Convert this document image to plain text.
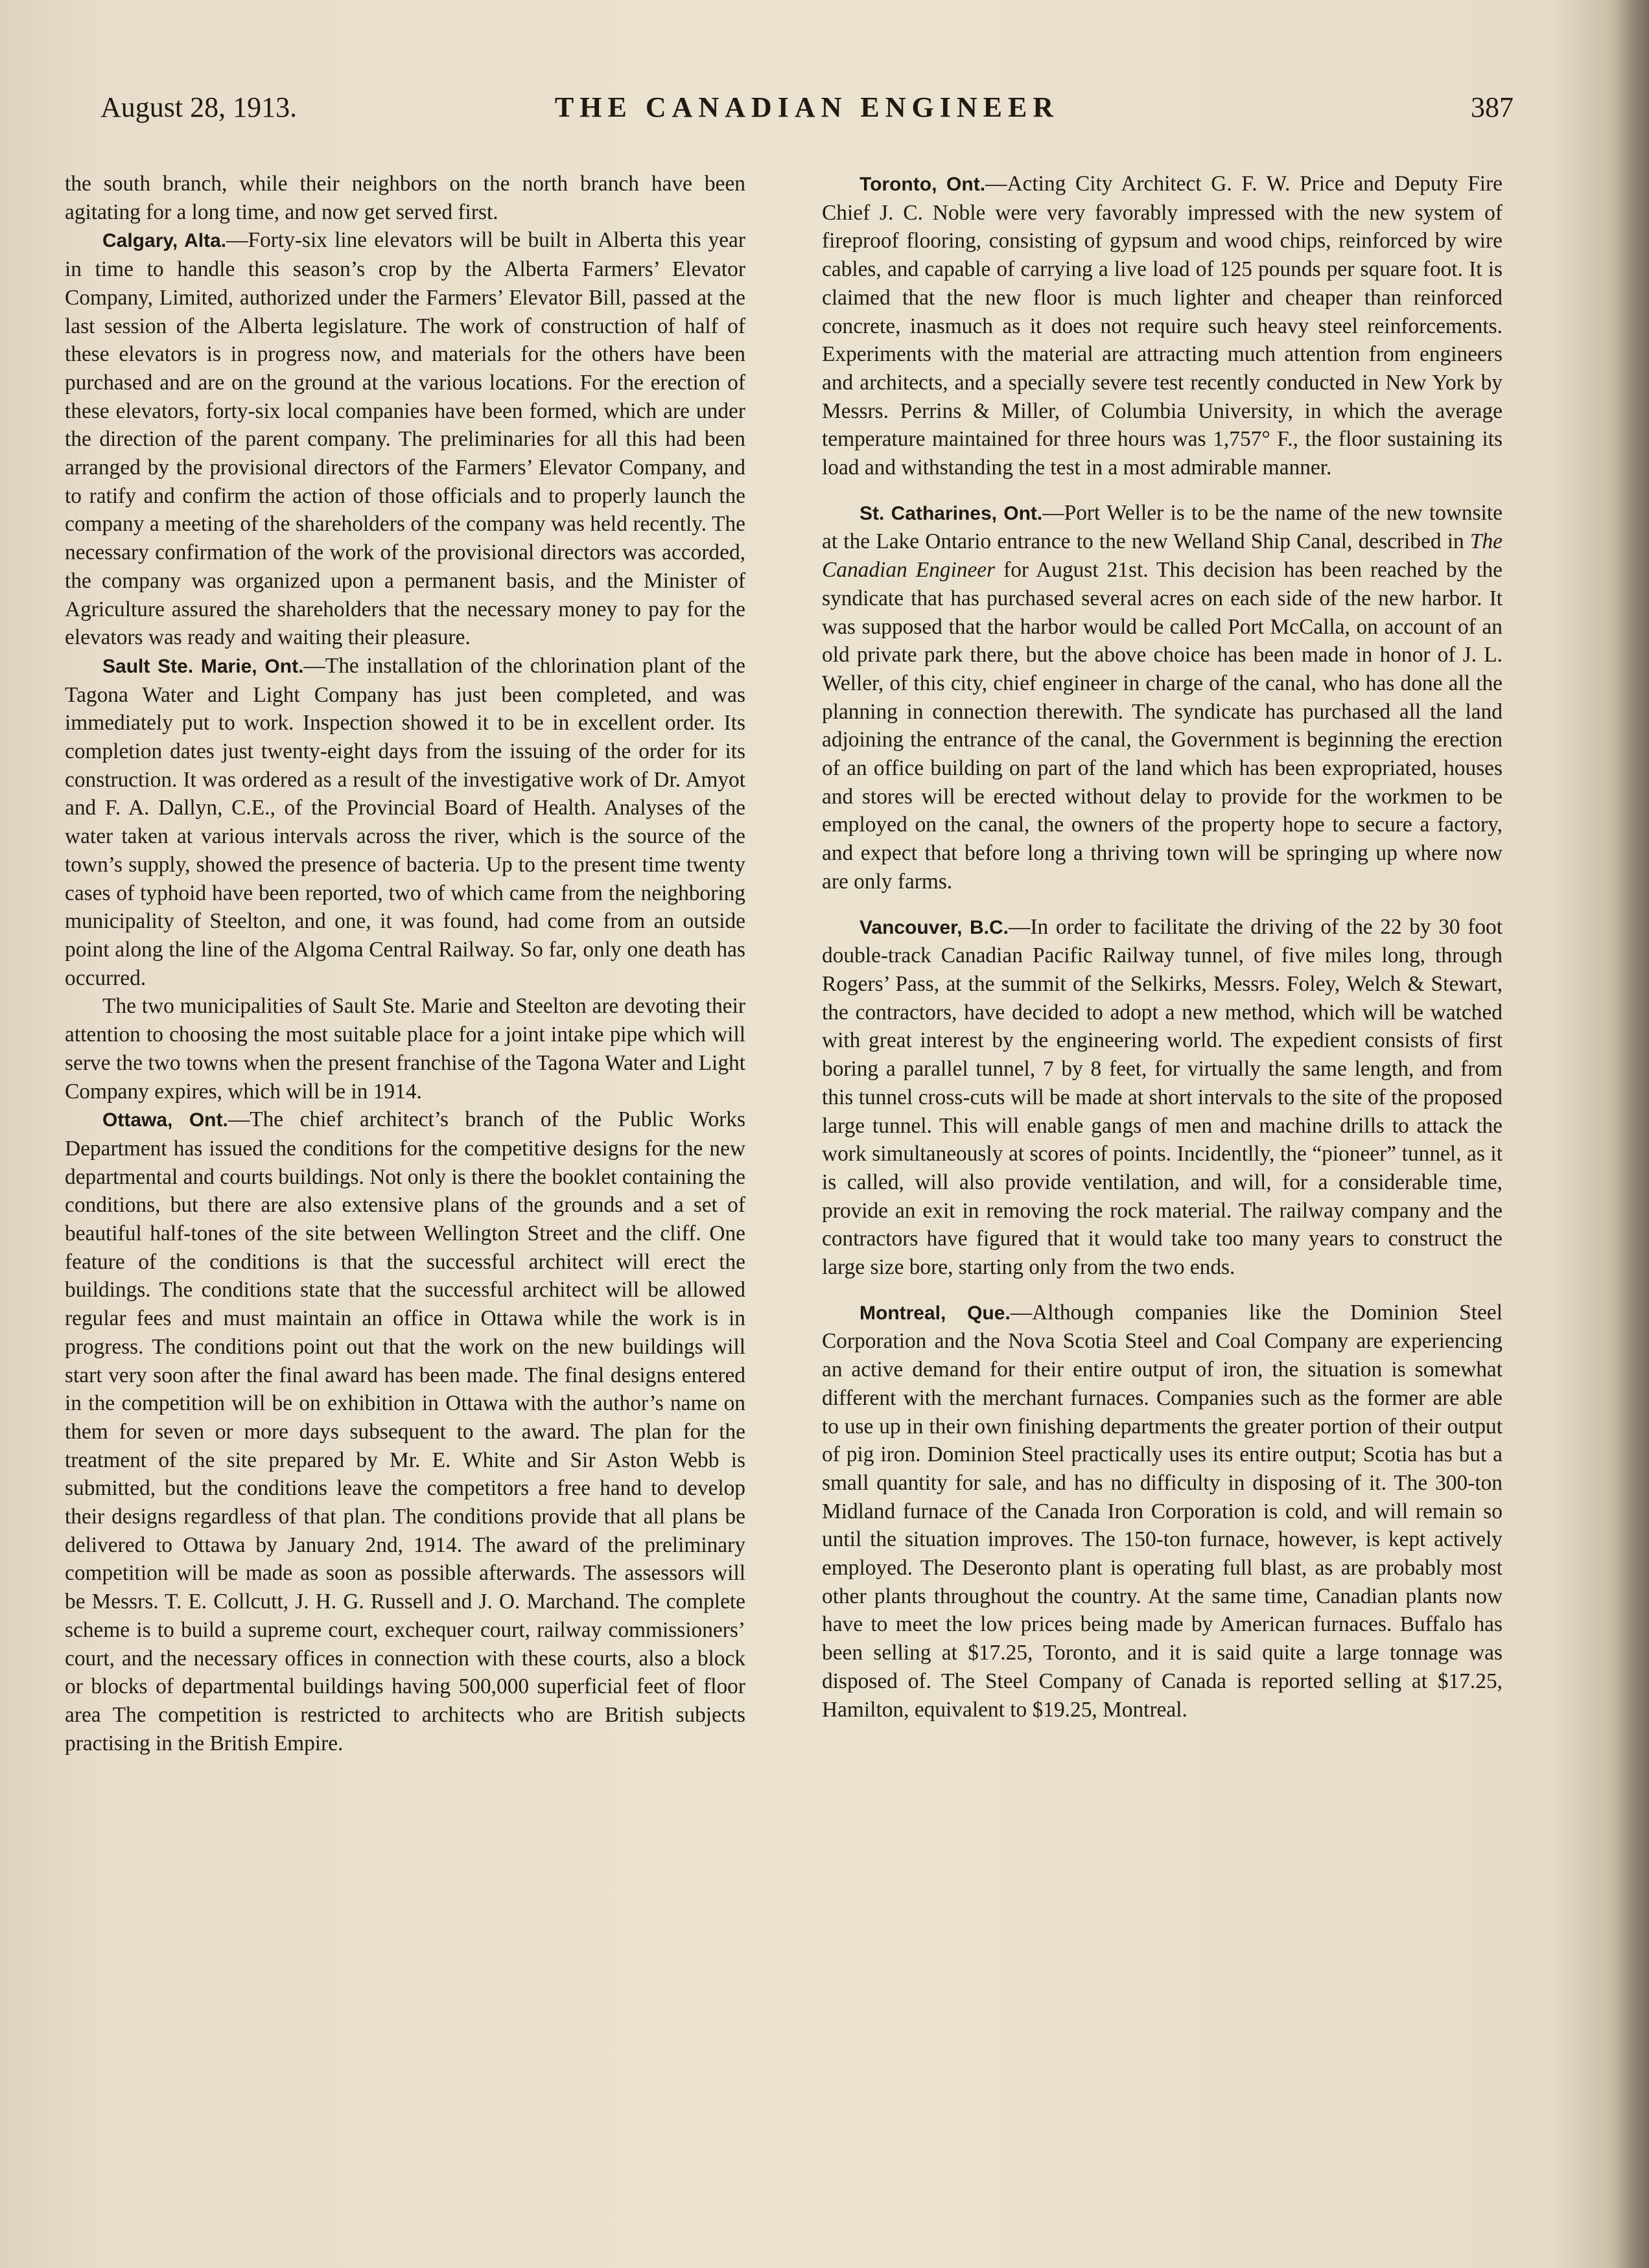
August 28, 1913.	THE CANADIAN ENGINEER	387

the south branch, while their neighbors on the north branch have been agitating for a long time, and now get served first.

Calgary, Alta.—Forty-six line elevators will be built in Alberta this year in time to handle this season’s crop by the Alberta Farmers’ Elevator Company, Limited, authorized under the Farmers’ Elevator Bill, passed at the last session of the Alberta legislature. The work of construction of half of these elevators is in progress now, and materials for the others have been purchased and are on the ground at the various locations. For the erection of these elevators, forty-six local companies have been formed, which are under the direction of the parent company. The preliminaries for all this had been arranged by the provisional directors of the Farmers’ Elevator Company, and to ratify and confirm the action of those officials and to properly launch the company a meeting of the shareholders of the company was held recently. The necessary confirmation of the work of the provisional directors was accorded, the company was organized upon a permanent basis, and the Minister of Agriculture assured the shareholders that the necessary money to pay for the elevators was ready and waiting their pleasure.

Sault Ste. Marie, Ont.—The installation of the chlorination plant of the Tagona Water and Light Company has just been completed, and was immediately put to work. Inspection showed it to be in excellent order. Its completion dates just twenty-eight days from the issuing of the order for its construction. It was ordered as a result of the investigative work of Dr. Amyot and F. A. Dallyn, C.E., of the Provincial Board of Health. Analyses of the water taken at various intervals across the river, which is the source of the town’s supply, showed the presence of bacteria. Up to the present time twenty cases of typhoid have been reported, two of which came from the neighboring municipality of Steelton, and one, it was found, had come from an outside point along the line of the Algoma Central Railway. So far, only one death has occurred.

The two municipalities of Sault Ste. Marie and Steelton are devoting their attention to choosing the most suitable place for a joint intake pipe which will serve the two towns when the present franchise of the Tagona Water and Light Company expires, which will be in 1914.

Ottawa, Ont.—The chief architect’s branch of the Public Works Department has issued the conditions for the competitive designs for the new departmental and courts buildings. Not only is there the booklet containing the conditions, but there are also extensive plans of the grounds and a set of beautiful half-tones of the site between Wellington Street and the cliff. One feature of the conditions is that the successful architect will erect the buildings. The conditions state that the successful architect will be allowed regular fees and must maintain an office in Ottawa while the work is in progress. The conditions point out that the work on the new buildings will start very soon after the final award has been made. The final designs entered in the competition will be on exhibition in Ottawa with the author’s name on them for seven or more days subsequent to the award. The plan for the treatment of the site prepared by Mr. E. White and Sir Aston Webb is submitted, but the conditions leave the competitors a free hand to develop their designs regardless of that plan. The conditions provide that all plans be delivered to Ottawa by January 2nd, 1914. The award of the preliminary competition will be made as soon as possible afterwards. The assessors will be Messrs. T. E. Collcutt, J. H. G. Russell and J. O. Marchand. The complete scheme is to build a supreme court, exchequer court, railway commissioners’ court, and the necessary offices in connection with these courts, also a block or blocks of departmental buildings having 500,000 superficial feet of floor area The competition is restricted to architects who are British subjects practising in the British Empire.

Toronto, Ont.—Acting City Architect G. F. W. Price and Deputy Fire Chief J. C. Noble were very favorably impressed with the new system of fireproof flooring, consisting of gypsum and wood chips, reinforced by wire cables, and capable of carrying a live load of 125 pounds per square foot. It is claimed that the new floor is much lighter and cheaper than reinforced concrete, inasmuch as it does not require such heavy steel reinforcements. Experiments with the material are attracting much attention from engineers and architects, and a specially severe test recently conducted in New York by Messrs. Perrins & Miller, of Columbia University, in which the average temperature maintained for three hours was 1,757° F., the floor sustaining its load and withstanding the test in a most admirable manner.

St. Catharines, Ont.—Port Weller is to be the name of the new townsite at the Lake Ontario entrance to the new Welland Ship Canal, described in The Canadian Engineer for August 21st. This decision has been reached by the syndicate that has purchased several acres on each side of the new harbor. It was supposed that the harbor would be called Port McCalla, on account of an old private park there, but the above choice has been made in honor of J. L. Weller, of this city, chief engineer in charge of the canal, who has done all the planning in connection therewith. The syndicate has purchased all the land adjoining the entrance of the canal, the Government is beginning the erection of an office building on part of the land which has been expropriated, houses and stores will be erected without delay to provide for the workmen to be employed on the canal, the owners of the property hope to secure a factory, and expect that before long a thriving town will be springing up where now are only farms.

Vancouver, B.C.—In order to facilitate the driving of the 22 by 30 foot double-track Canadian Pacific Railway tunnel, of five miles long, through Rogers’ Pass, at the summit of the Selkirks, Messrs. Foley, Welch & Stewart, the contractors, have decided to adopt a new method, which will be watched with great interest by the engineering world. The expedient consists of first boring a parallel tunnel, 7 by 8 feet, for virtually the same length, and from this tunnel cross-cuts will be made at short intervals to the site of the proposed large tunnel. This will enable gangs of men and machine drills to attack the work simultaneously at scores of points. Incidentlly, the “pioneer” tunnel, as it is called, will also provide ventilation, and will, for a considerable time, provide an exit in removing the rock material. The railway company and the contractors have figured that it would take too many years to construct the large size bore, starting only from the two ends.

Montreal, Que.—Although companies like the Dominion Steel Corporation and the Nova Scotia Steel and Coal Company are experiencing an active demand for their entire output of iron, the situation is somewhat different with the merchant furnaces. Companies such as the former are able to use up in their own finishing departments the greater portion of their output of pig iron. Dominion Steel practically uses its entire output; Scotia has but a small quantity for sale, and has no difficulty in disposing of it. The 300-ton Midland furnace of the Canada Iron Corporation is cold, and will remain so until the situation improves. The 150-ton furnace, however, is kept actively employed. The Deseronto plant is operating full blast, as are probably most other plants throughout the country. At the same time, Canadian plants now have to meet the low prices being made by American furnaces. Buffalo has been selling at $17.25, Toronto, and it is said quite a large tonnage was disposed of. The Steel Company of Canada is reported selling at $17.25, Hamilton, equivalent to $19.25, Montreal.
